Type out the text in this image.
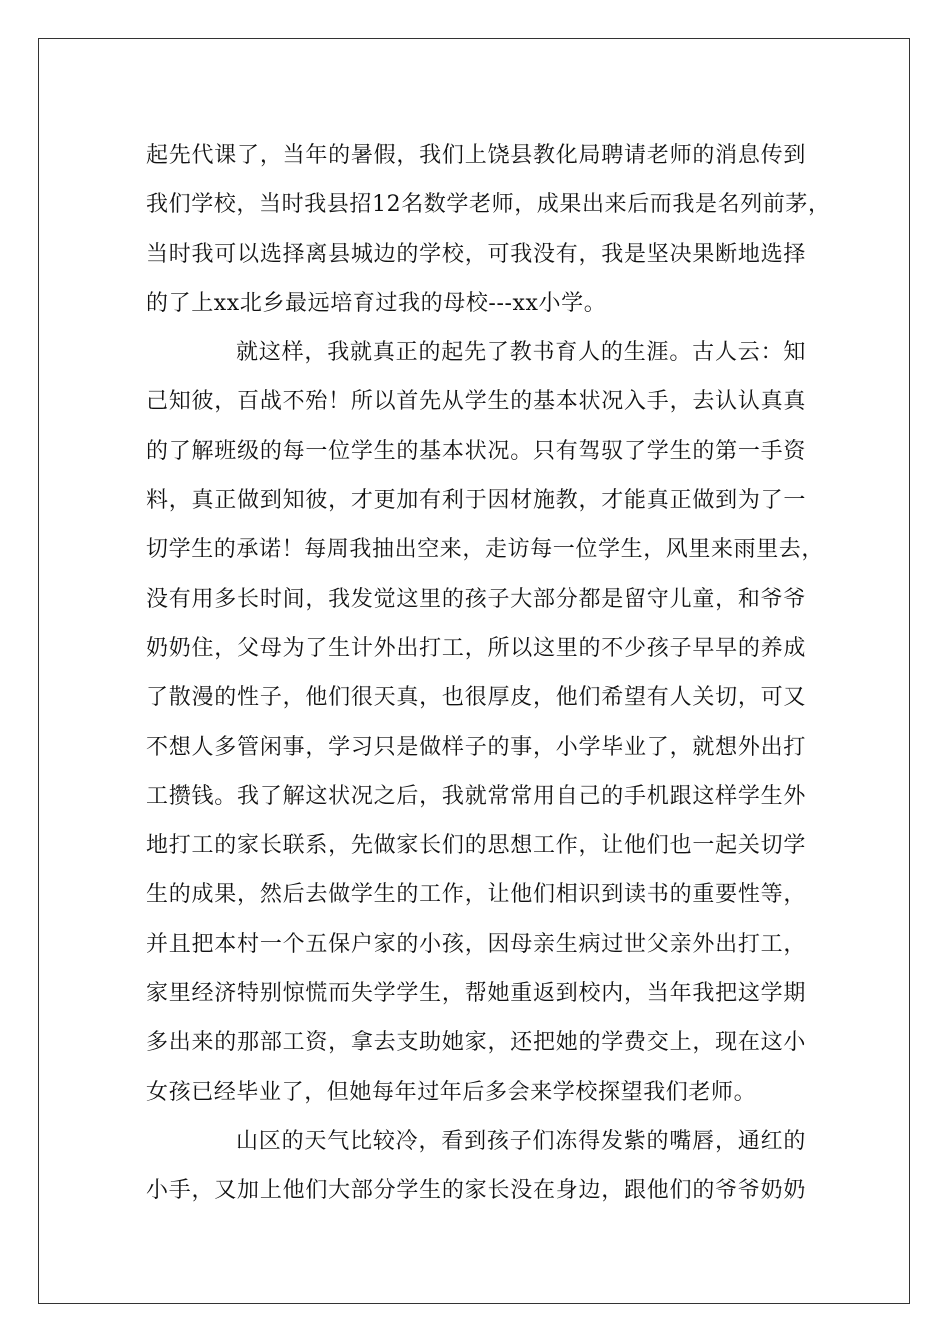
起先代课了，当年的暑假，我们上饶县教化局聘请老师的消息传到
我们学校，当时我县招12名数学老师，成果出来后而我是名列前茅，
当时我可以选择离县城边的学校，可我没有，我是坚决果断地选择
的了上xx北乡最远培育过我的母校---xx小学。
就这样，我就真正的起先了教书育人的生涯。古人云：知
己知彼，百战不殆！所以首先从学生的基本状况入手，去认认真真
的了解班级的每一位学生的基本状况。只有驾驭了学生的第一手资
料，真正做到知彼，才更加有利于因材施教，才能真正做到为了一
切学生的承诺！每周我抽出空来，走访每一位学生，风里来雨里去，
没有用多长时间，我发觉这里的孩子大部分都是留守儿童，和爷爷
奶奶住，父母为了生计外出打工，所以这里的不少孩子早早的养成
了散漫的性子，他们很天真，也很厚皮，他们希望有人关切，可又
不想人多管闲事，学习只是做样子的事，小学毕业了，就想外出打
工攒钱。我了解这状况之后，我就常常用自己的手机跟这样学生外
地打工的家长联系，先做家长们的思想工作，让他们也一起关切学
生的成果，然后去做学生的工作，让他们相识到读书的重要性等，
并且把本村一个五保户家的小孩，因母亲生病过世父亲外出打工，
家里经济特别惊慌而失学学生，帮她重返到校内，当年我把这学期
多出来的那部工资，拿去支助她家，还把她的学费交上，现在这小
女孩已经毕业了，但她每年过年后多会来学校探望我们老师。
山区的天气比较冷，看到孩子们冻得发紫的嘴唇，通红的
小手，又加上他们大部分学生的家长没在身边，跟他们的爷爷奶奶
